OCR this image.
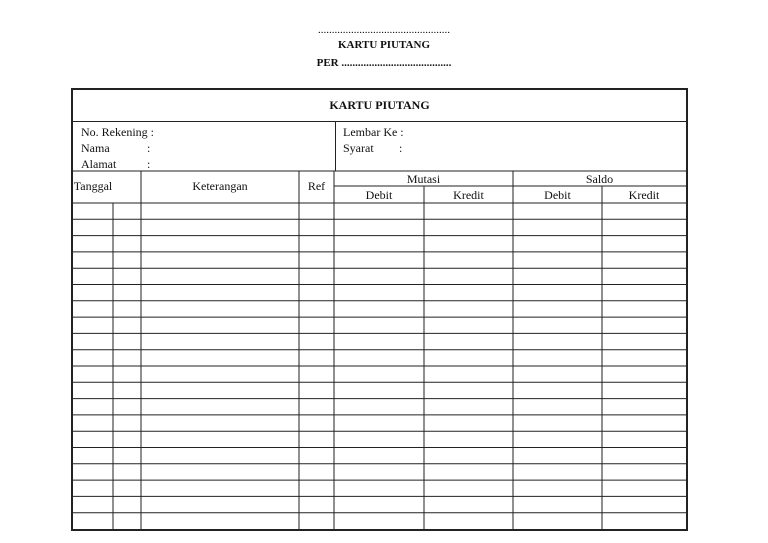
................................................
KARTU PIUTANG
PER ........................................
KARTU PIUTANG
No. Rekening :
Nama	:
Alamat	:
Lembar Ke :
Syarat :
Tanggal	Keterangan	Ref	Mutasi	Saldo
Debit	Kredit	Debit	Kredit
